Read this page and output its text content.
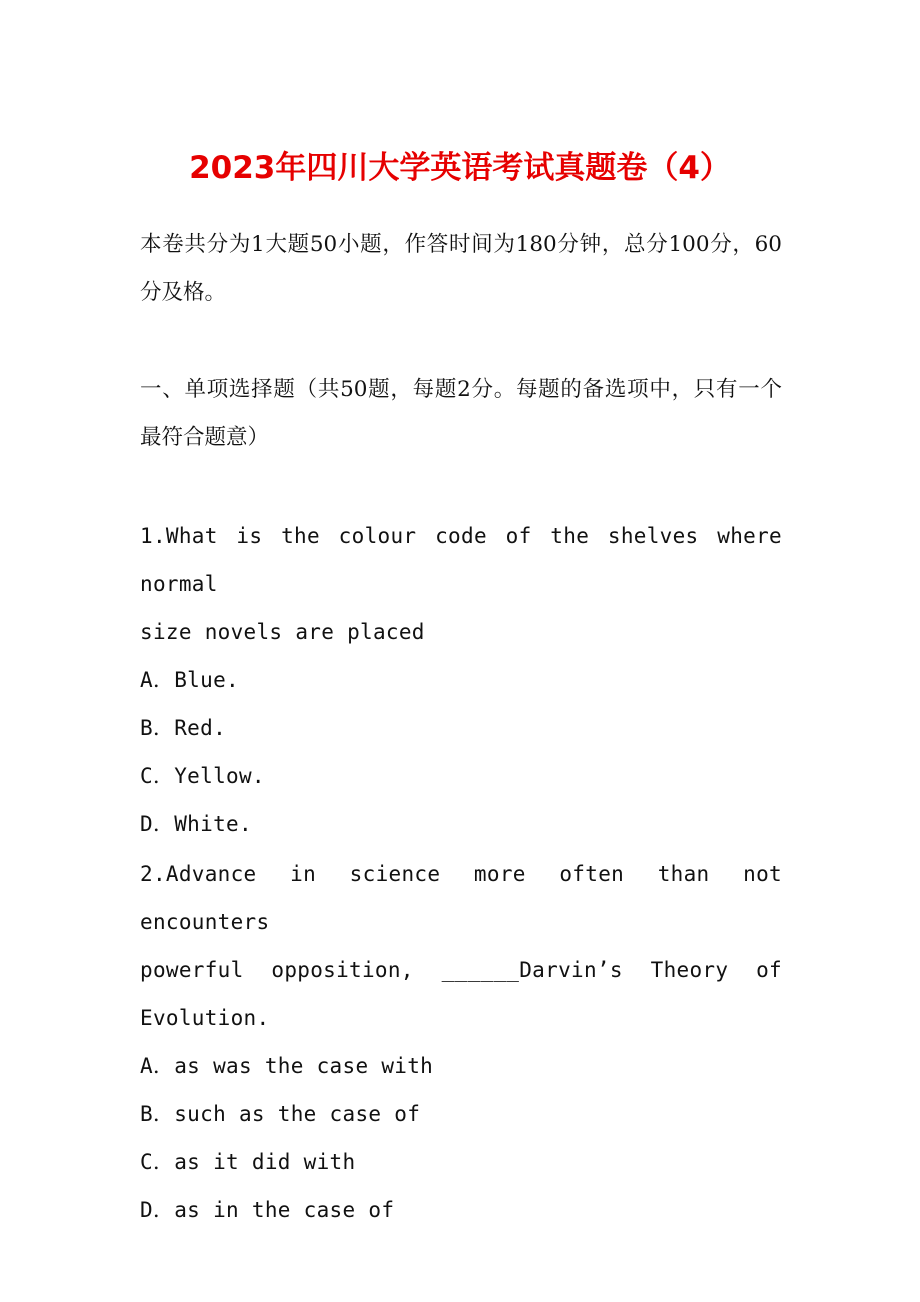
2023年四川大学英语考试真题卷（4）

本卷共分为1大题50小题，作答时间为180分钟，总分100分，60分及格。

一、单项选择题（共50题，每题2分。每题的备选项中，只有一个最符合题意）

1.What is the colour code of the shelves where normal
size novels are placed
A．Blue.
B．Red.
C．Yellow.
D．White.
2.Advance in science more often than not encounters
powerful opposition, ______Darvin’s Theory of
Evolution.
A．as was the case with
B．such as the case of
C．as it did with
D．as in the case of
